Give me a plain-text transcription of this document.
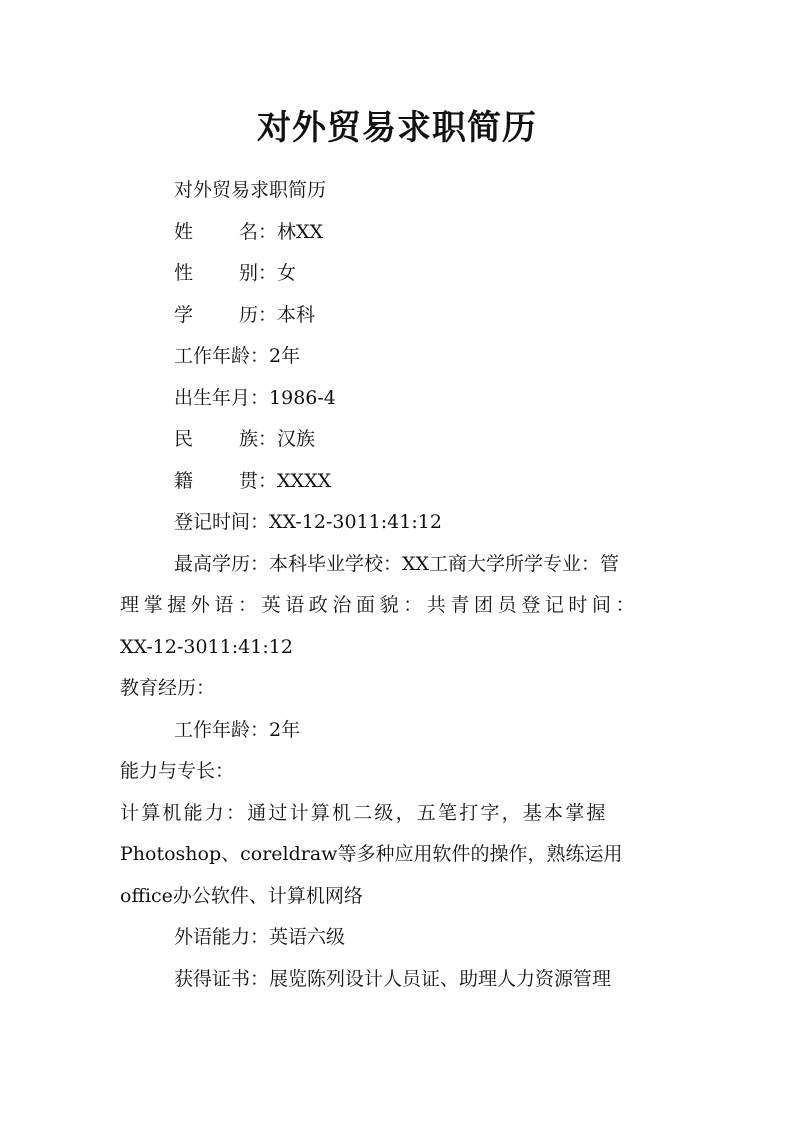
对外贸易求职简历
对外贸易求职简历
姓 名 ：林XX
性 别 ：女
学 历 ：本科
工作年龄：2年
出生年月：1986-4
民 族 ：汉族
籍 贯 ：XXXX
登记时间：XX-12-3011:41:12
最高学历：本科毕业学校：XX工商大学所学专业：管
理掌握外语：英语政治面貌：共青团员登记时间：
XX-12-3011:41:12
教育经历：
工作年龄：2年
能力与专长：
计算机能力：通过计算机二级，五笔打字，基本掌握
Photoshop、coreldraw等多种应用软件的操作，熟练运用
office办公软件、计算机网络
外语能力：英语六级
获得证书：展览陈列设计人员证、助理人力资源管理
